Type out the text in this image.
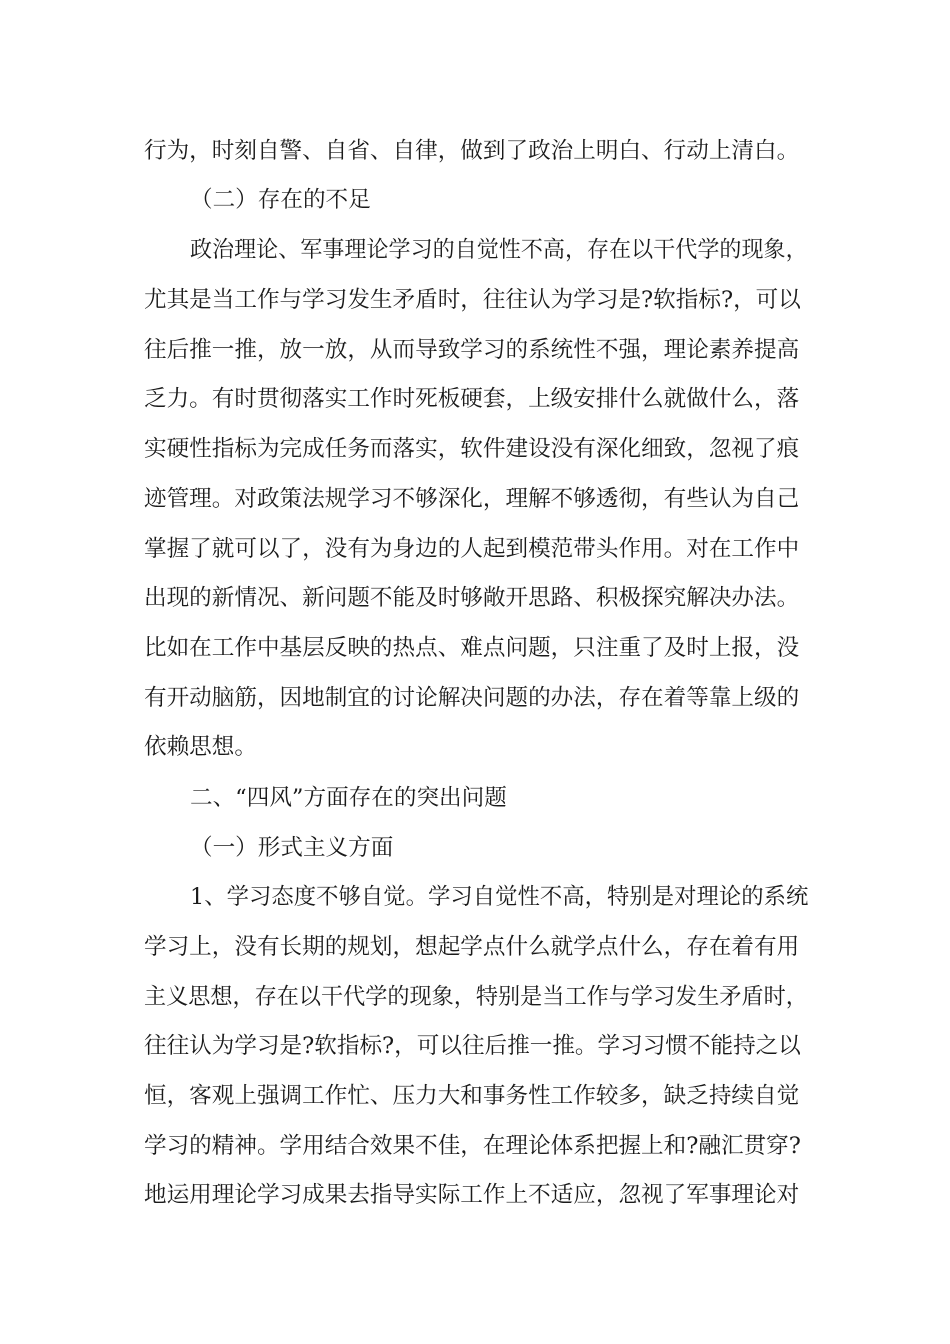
行为，时刻自警、自省、自律，做到了政治上明白、行动上清白。
（二）存在的不足
政治理论、军事理论学习的自觉性不高，存在以干代学的现象，
尤其是当工作与学习发生矛盾时，往往认为学习是?软指标?，可以
往后推一推，放一放，从而导致学习的系统性不强，理论素养提高
乏力。有时贯彻落实工作时死板硬套，上级安排什么就做什么，落
实硬性指标为完成任务而落实，软件建设没有深化细致，忽视了痕
迹管理。对政策法规学习不够深化，理解不够透彻，有些认为自己
掌握了就可以了，没有为身边的人起到模范带头作用。对在工作中
出现的新情况、新问题不能及时够敞开思路、积极探究解决办法。
比如在工作中基层反映的热点、难点问题，只注重了及时上报，没
有开动脑筋，因地制宜的讨论解决问题的办法，存在着等靠上级的
依赖思想。
二、“四风”方面存在的突出问题
（一）形式主义方面
1、学习态度不够自觉。学习自觉性不高，特别是对理论的系统
学习上，没有长期的规划，想起学点什么就学点什么，存在着有用
主义思想，存在以干代学的现象，特别是当工作与学习发生矛盾时，
往往认为学习是?软指标?，可以往后推一推。学习习惯不能持之以
恒，客观上强调工作忙、压力大和事务性工作较多，缺乏持续自觉
学习的精神。学用结合效果不佳，在理论体系把握上和?融汇贯穿?
地运用理论学习成果去指导实际工作上不适应，忽视了军事理论对
